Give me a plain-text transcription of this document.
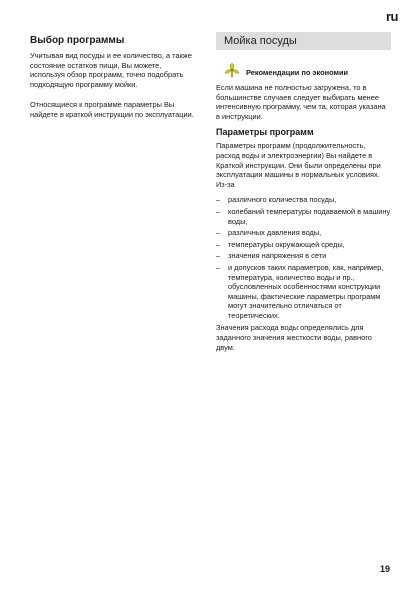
ru
Выбор программы

Учитывая вид посуды и ее количество, а также состояние остатков пищи, Вы можете, используя обзор программ, точно подобрать подходящую программу мойки.

Относящиеся к программе параметры Вы найдете в краткой инструкции по эксплуатации.

Мойка посуды
Рекомендации по экономии

Если машина не полностью загружена, то в большинстве случаев следует выбирать менее интенсивную программу, чем та, которая указана в инструкции.

Параметры программ

Параметры программ (продолжительность, расход воды и электроэнергии) Вы найдете в Краткой инструкции. Они были определены при эксплуатации машины в нормальных условиях. Из-за

– различного количества посуды,
– колебаний температуры подаваемой в машину воды,
– различных давления воды,
– температуры окружающей среды,
– значения напряжения в сети
– и допусков таких параметров, как, например, температура, количество воды и пр., обусловленных особенностями конструкции машины, фактические параметры программ могут значительно отличаться от теоретических.

Значения расхода воды определялись для заданного значения жесткости воды, равного двум.

19
